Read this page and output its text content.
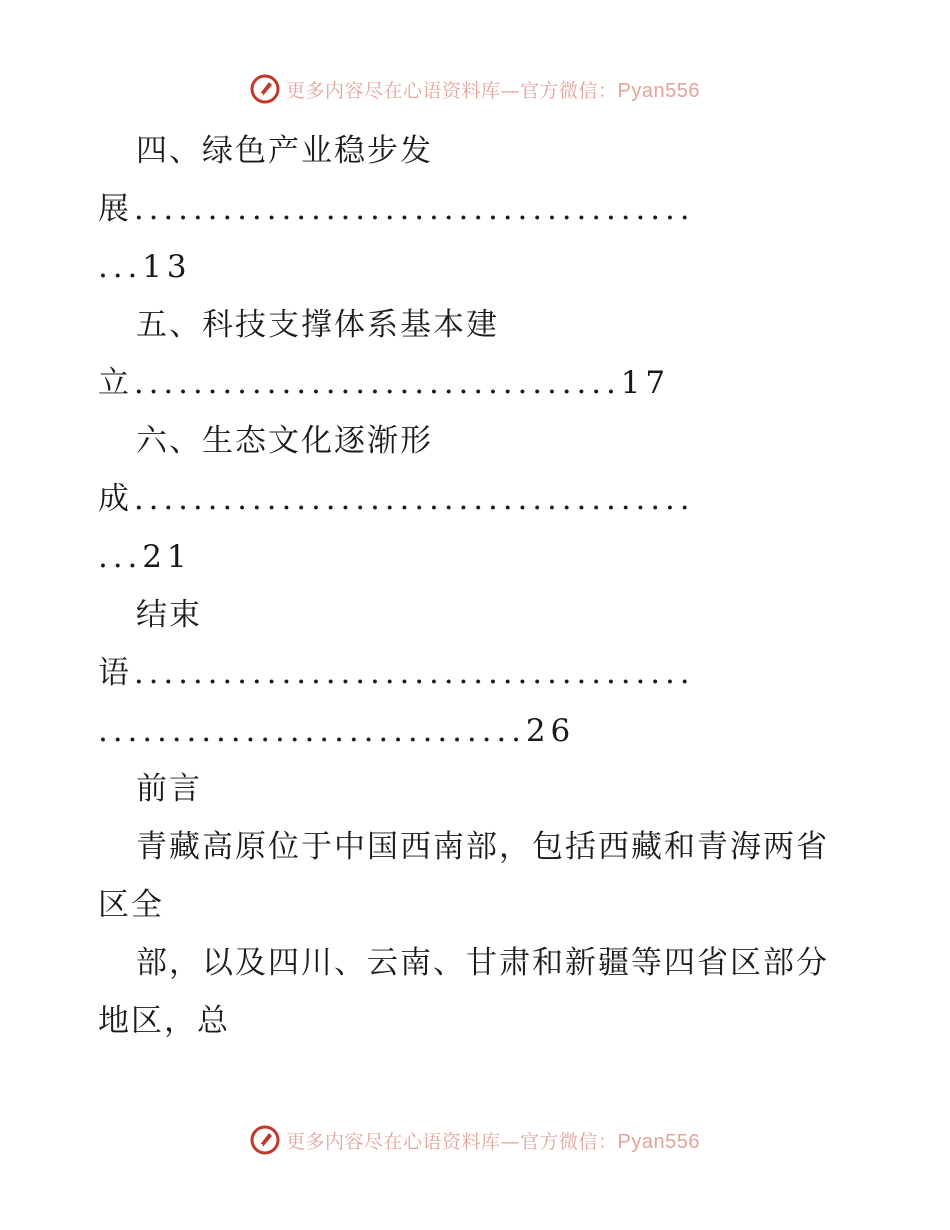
更多内容尽在心语资料库—官方微信：Pyan556
四、绿色产业稳步发
展......................................
...13
五、科技支撑体系基本建
立.................................17
六、生态文化逐渐形
成......................................
...21
结束
语......................................
.............................26
前言
青藏高原位于中国西南部，包括西藏和青海两省
区全
部，以及四川、云南、甘肃和新疆等四省区部分
地区，总
更多内容尽在心语资料库—官方微信：Pyan556
